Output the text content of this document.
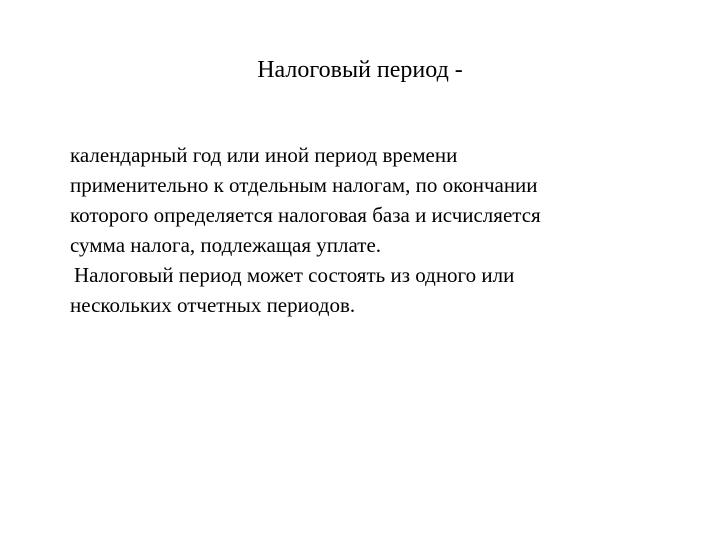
Налоговый период -
календарный год или иной период времени
применительно к отдельным налогам, по окончании
которого определяется налоговая база и исчисляется
сумма налога, подлежащая уплате.
Налоговый период может состоять из одного или
нескольких отчетных периодов.
